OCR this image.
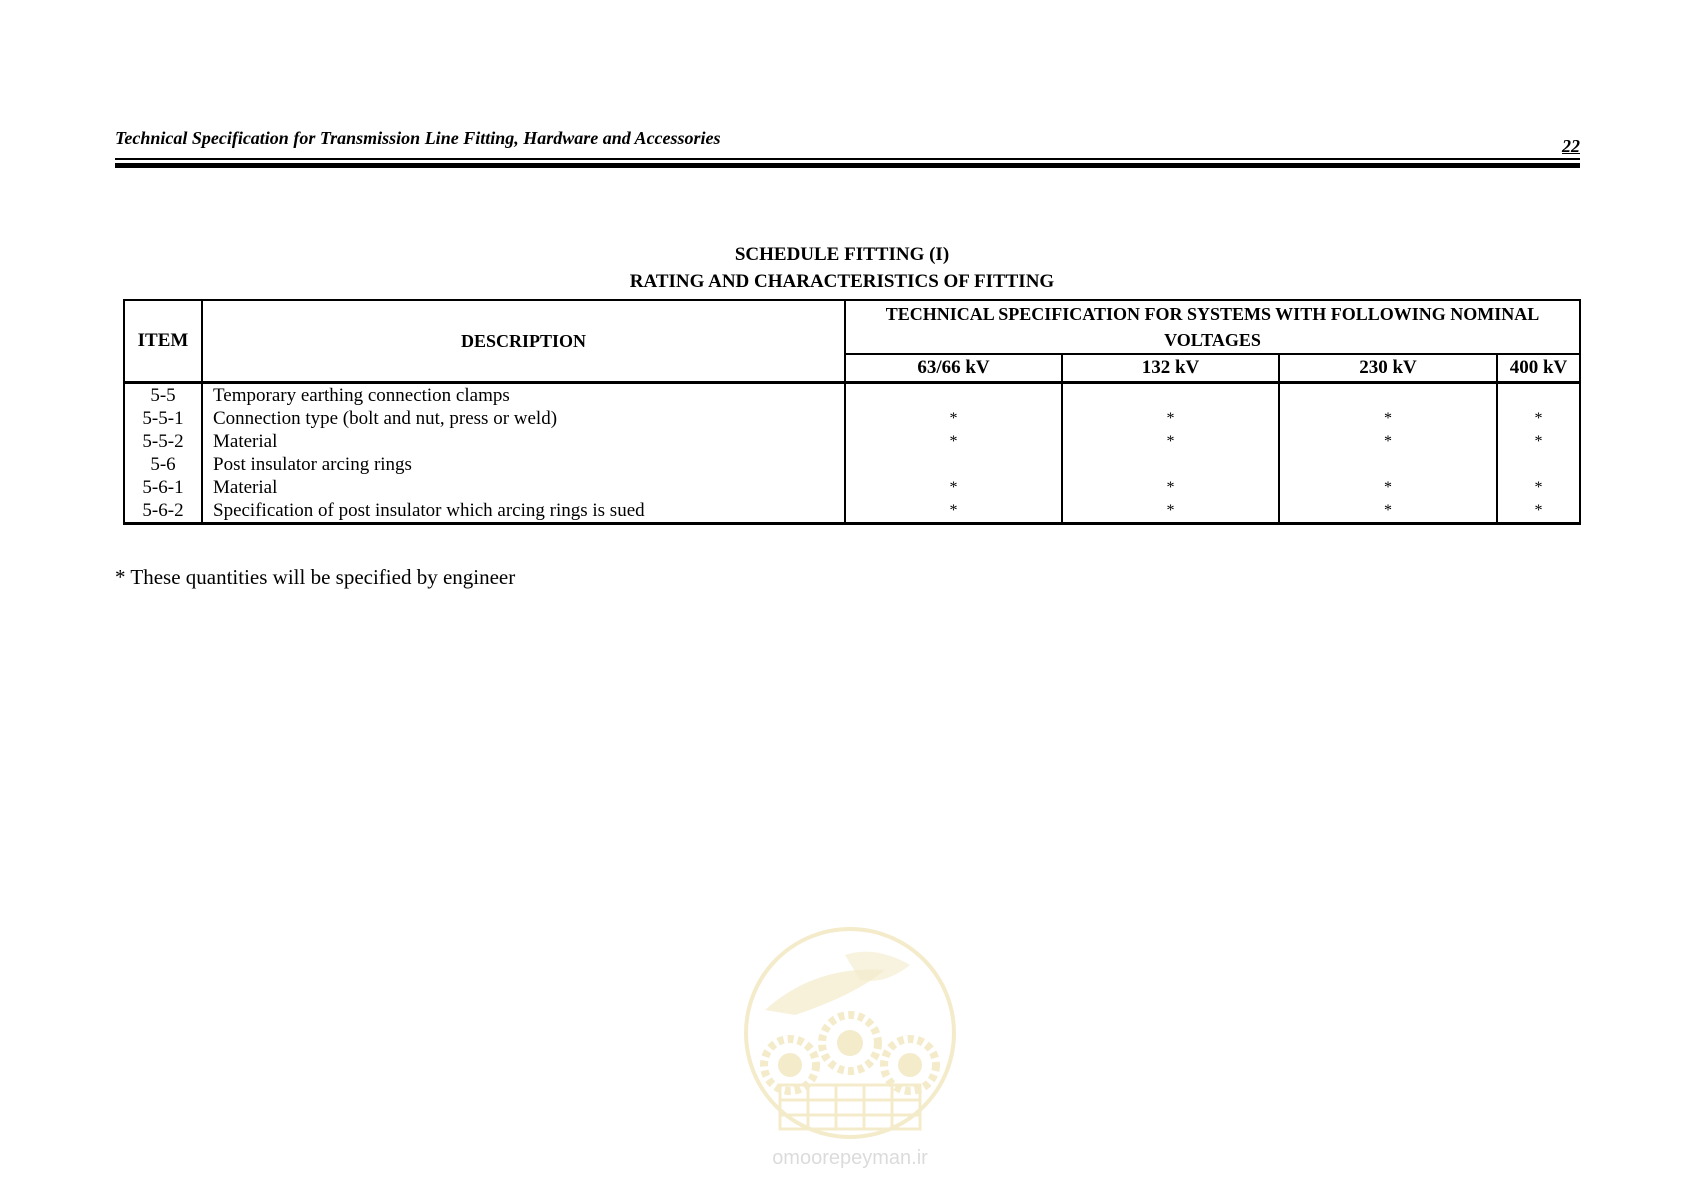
Technical Specification for Transmission Line Fitting, Hardware and Accessories	22
SCHEDULE FITTING (I)
RATING AND CHARACTERISTICS OF FITTING
ITEM	DESCRIPTION	TECHNICAL SPECIFICATION FOR SYSTEMS WITH FOLLOWING NOMINAL VOLTAGES			
		63/66 kV	132 kV	230 kV	400 kV
5-5	Temporary earthing connection clamps				
5-5-1	Connection type (bolt and nut, press or weld)	*	*	*	*
5-5-2	Material	*	*	*	*
5-6	Post insulator arcing rings				
5-6-1	Material	*	*	*	*
5-6-2	Specification of post insulator which arcing rings is sued	*	*	*	*
* These quantities will be specified by engineer
omoorepeyman.ir
